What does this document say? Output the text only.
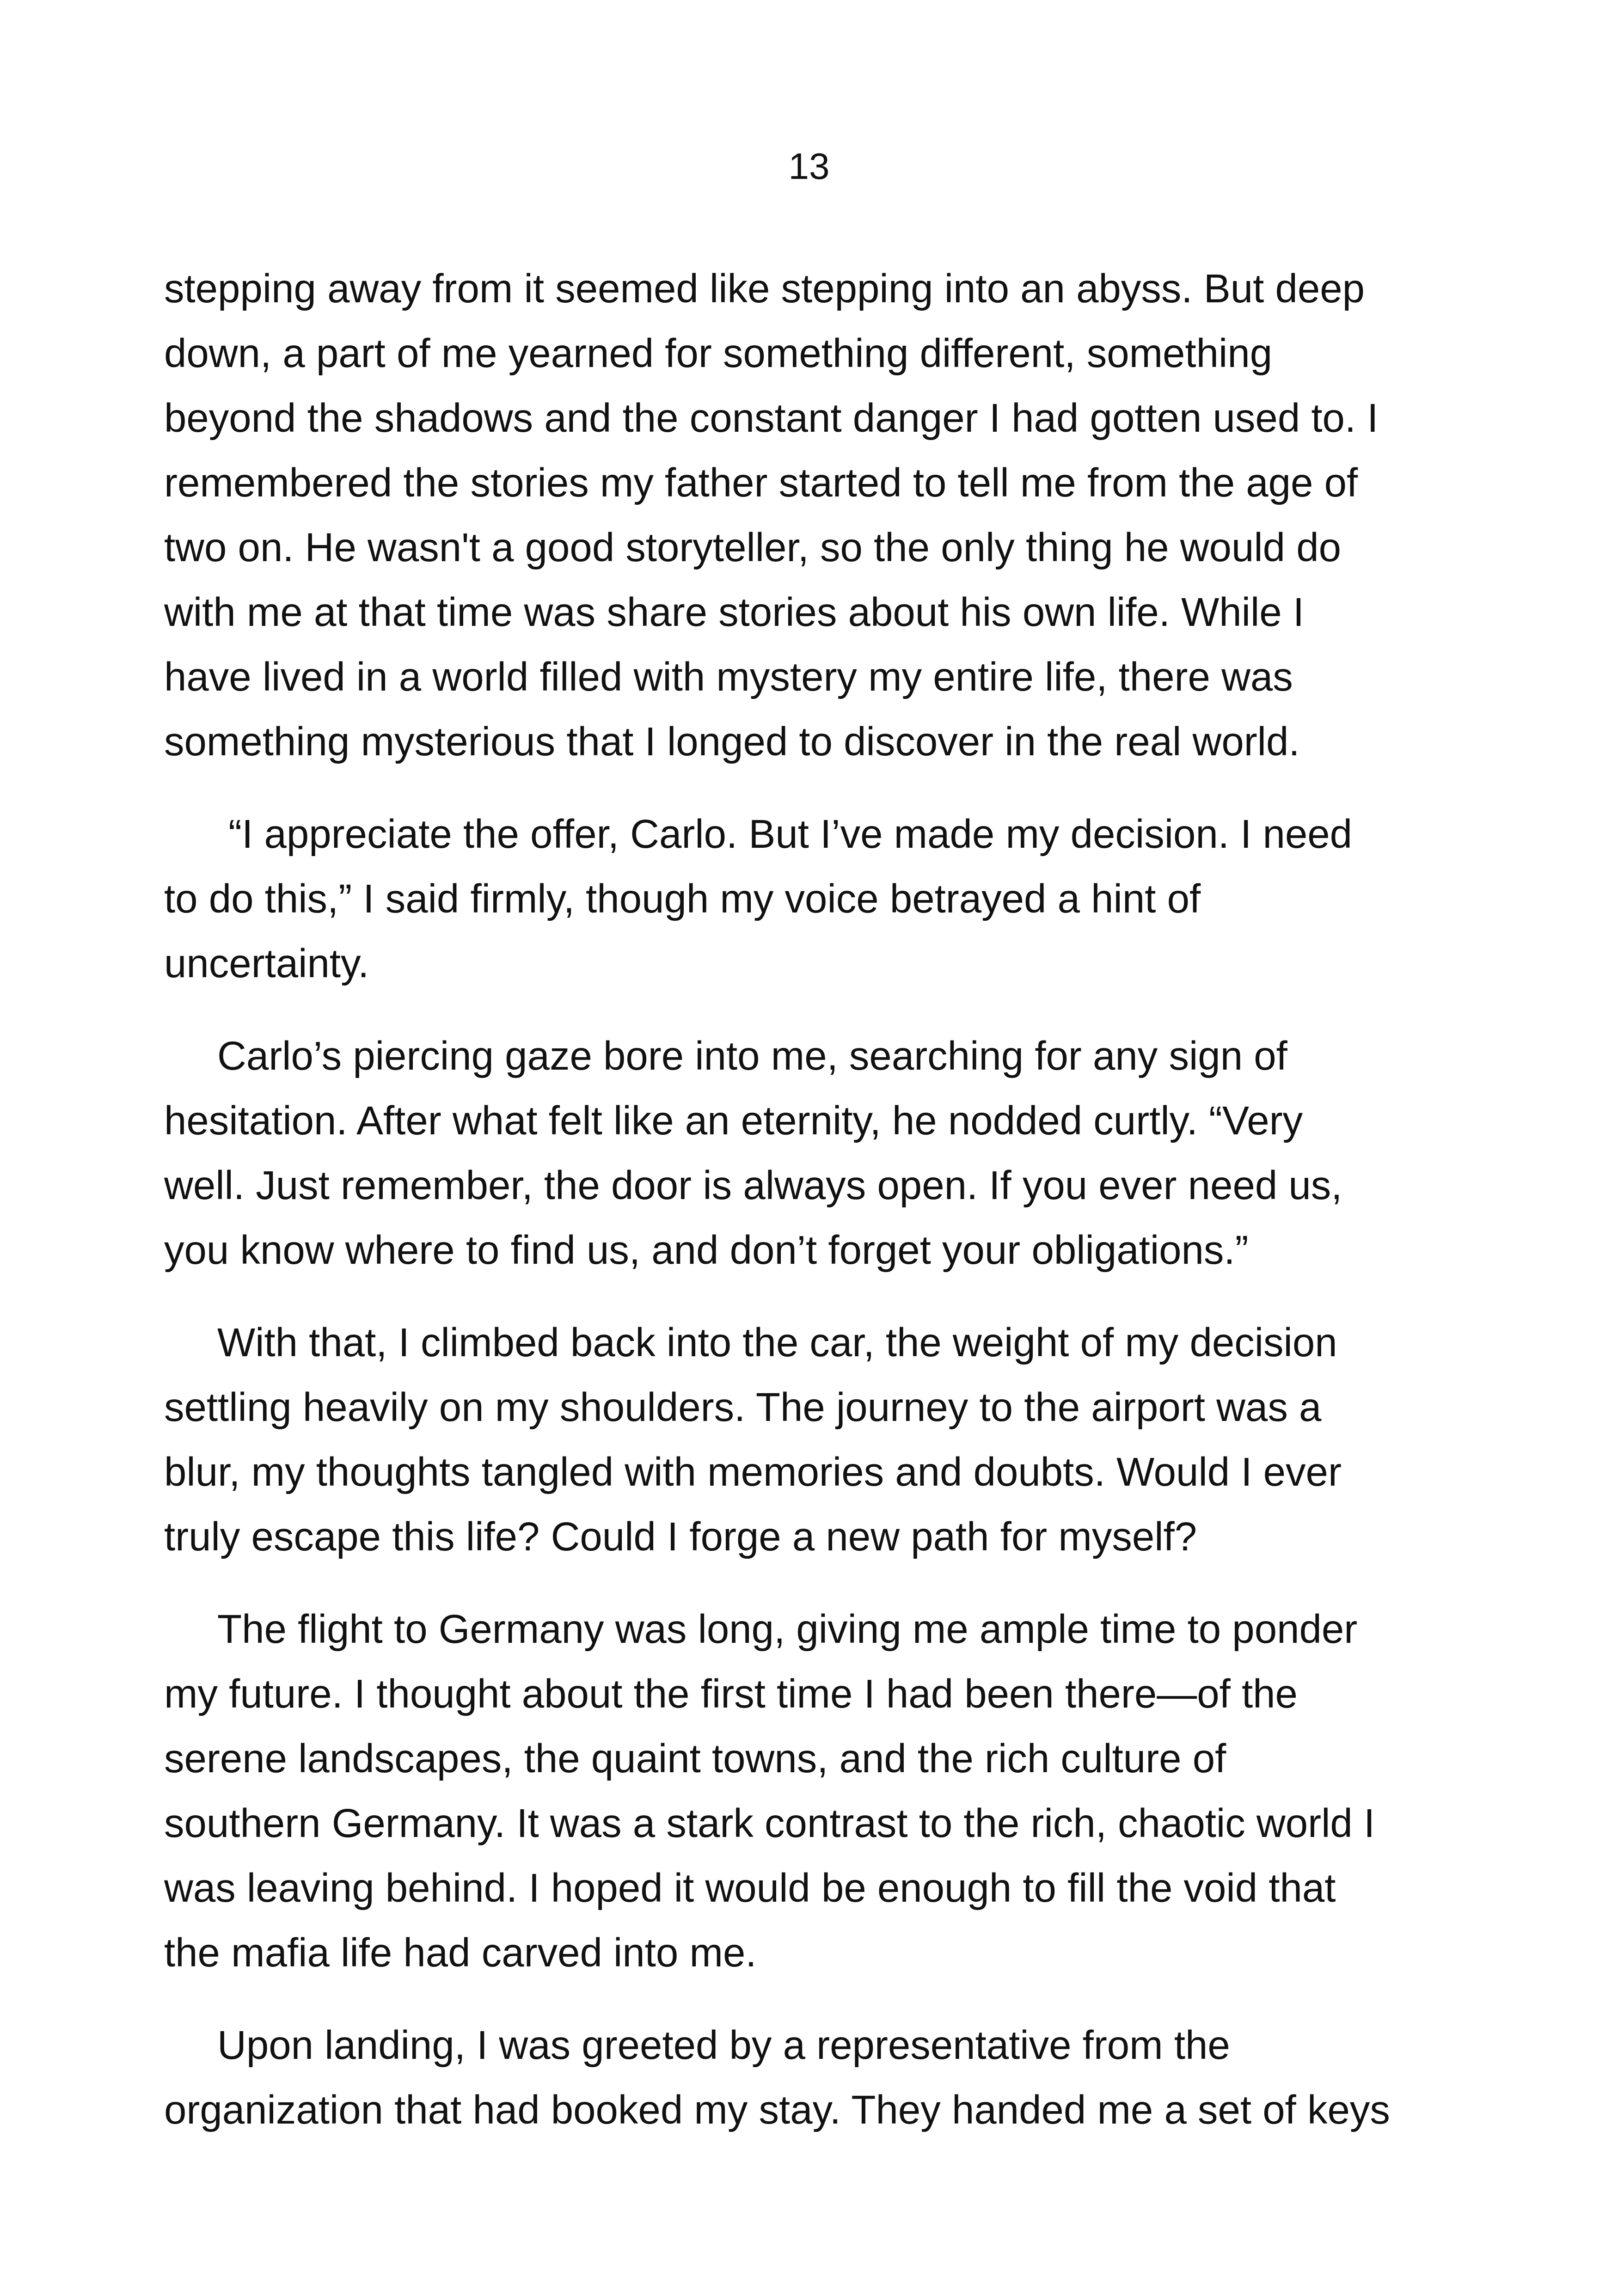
13
stepping away from it seemed like stepping into an abyss. But deep
down, a part of me yearned for something different, something
beyond the shadows and the constant danger I had gotten used to. I
remembered the stories my father started to tell me from the age of
two on. He wasn't a good storyteller, so the only thing he would do
with me at that time was share stories about his own life. While I
have lived in a world filled with mystery my entire life, there was
something mysterious that I longed to discover in the real world.
“I appreciate the offer, Carlo. But I’ve made my decision. I need
to do this,” I said firmly, though my voice betrayed a hint of
uncertainty.
Carlo’s piercing gaze bore into me, searching for any sign of
hesitation. After what felt like an eternity, he nodded curtly. “Very
well. Just remember, the door is always open. If you ever need us,
you know where to find us, and don’t forget your obligations.”
With that, I climbed back into the car, the weight of my decision
settling heavily on my shoulders. The journey to the airport was a
blur, my thoughts tangled with memories and doubts. Would I ever
truly escape this life? Could I forge a new path for myself?
The flight to Germany was long, giving me ample time to ponder
my future. I thought about the first time I had been there—of the
serene landscapes, the quaint towns, and the rich culture of
southern Germany. It was a stark contrast to the rich, chaotic world I
was leaving behind. I hoped it would be enough to fill the void that
the mafia life had carved into me.
Upon landing, I was greeted by a representative from the
organization that had booked my stay. They handed me a set of keys
